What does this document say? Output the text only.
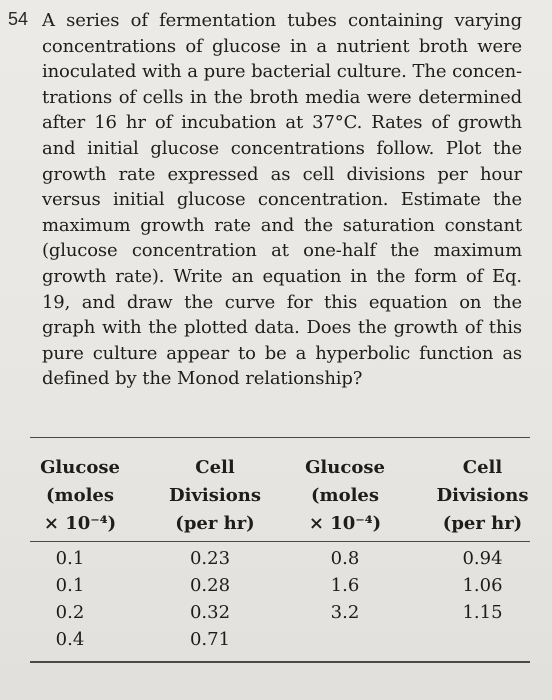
54 A series of fermentation tubes containing varying concentrations of glucose in a nutrient broth were inoculated with a pure bacterial culture. The concen- trations of cells in the broth media were determined after 16 hr of incubation at 37°C. Rates of growth and initial glucose concentrations follow. Plot the growth rate expressed as cell divisions per hour versus initial glucose concentration. Estimate the maximum growth rate and the saturation constant (glucose concentration at one-half the maximum growth rate). Write an equation in the form of Eq. 19, and draw the curve for this equation on the graph with the plotted data. Does the growth of this pure culture appear to be a hyperbolic function as defined by the Monod relationship?
Glucose
(moles
× 10⁻⁴)
Cell
Divisions
(per hr)
Glucose
(moles
× 10⁻⁴)
Cell
Divisions
(per hr)
0.1
0.1
0.2
0.4
0.23
0.28
0.32
0.71
0.8
1.6
3.2
0.94
1.06
1.15
